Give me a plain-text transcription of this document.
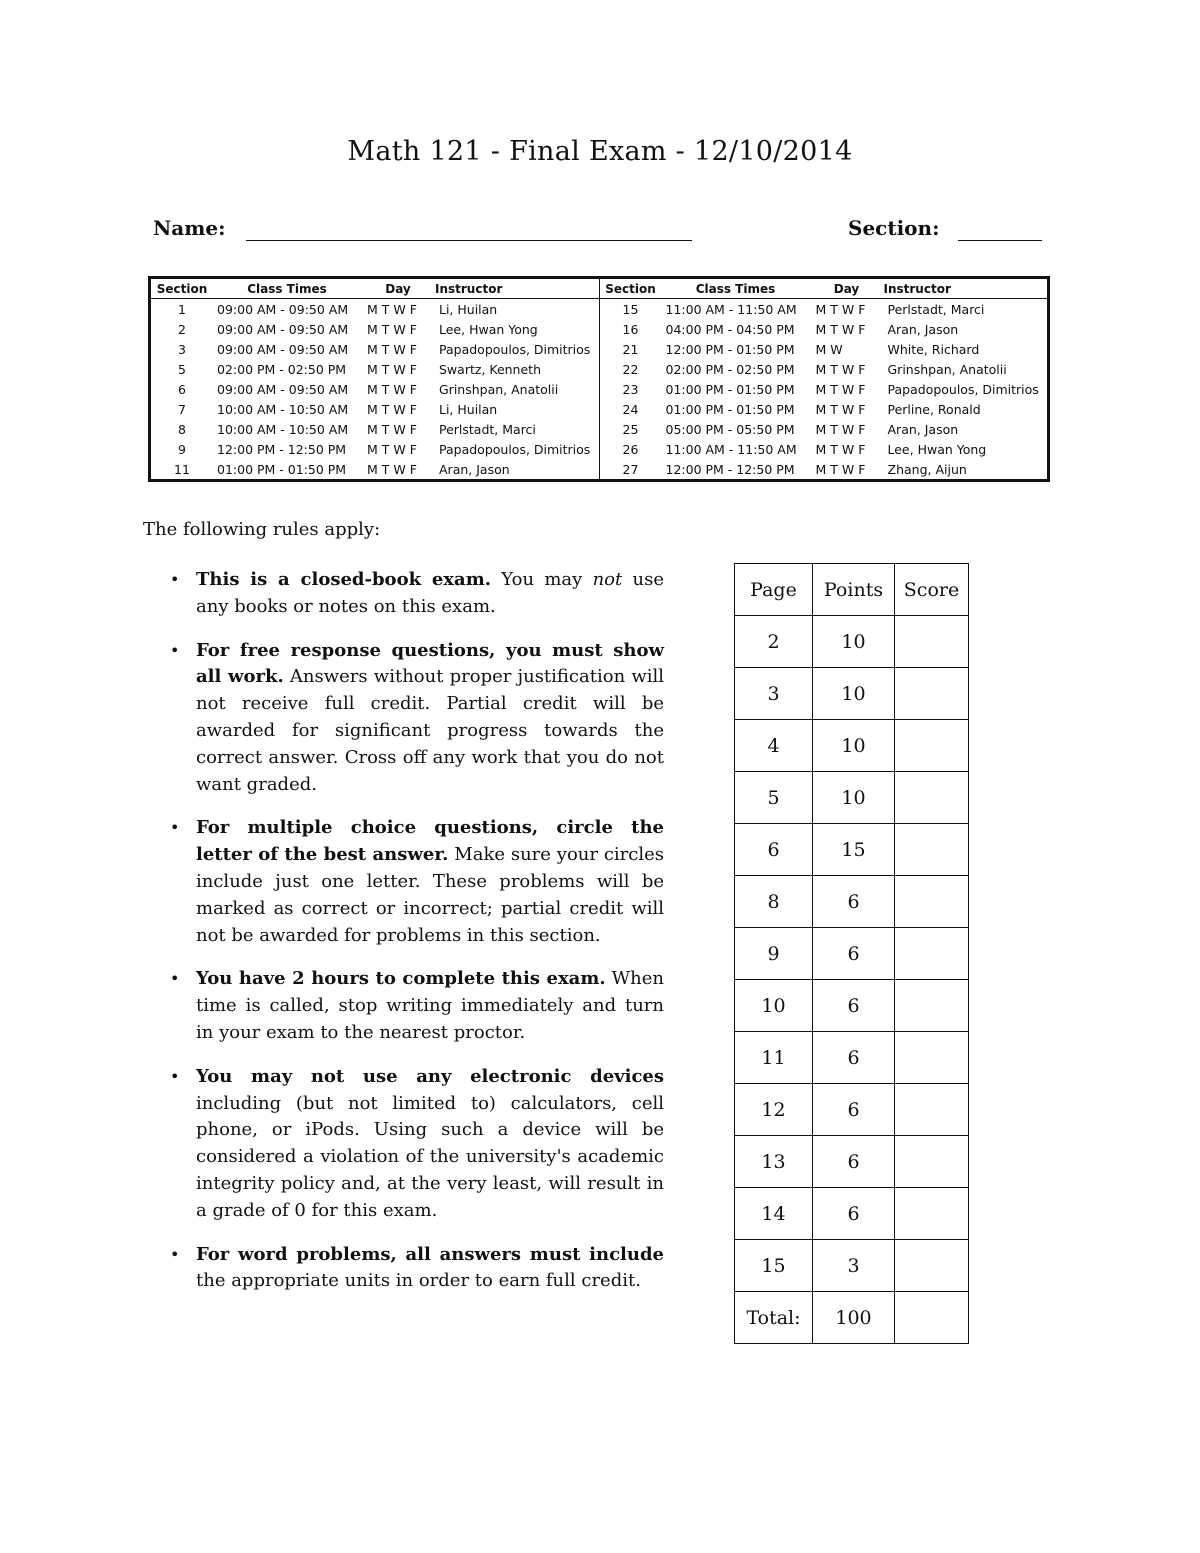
Math 121 - Final Exam - 12/10/2014
Name:	Section:
Section	Class Times	Day	Instructor
1	09:00 AM - 09:50 AM	M T W F	Li, Huilan
2	09:00 AM - 09:50 AM	M T W F	Lee, Hwan Yong
3	09:00 AM - 09:50 AM	M T W F	Papadopoulos, Dimitrios
5	02:00 PM - 02:50 PM	M T W F	Swartz, Kenneth
6	09:00 AM - 09:50 AM	M T W F	Grinshpan, Anatolii
7	10:00 AM - 10:50 AM	M T W F	Li, Huilan
8	10:00 AM - 10:50 AM	M T W F	Perlstadt, Marci
9	12:00 PM - 12:50 PM	M T W F	Papadopoulos, Dimitrios
11	01:00 PM - 01:50 PM	M T W F	Aran, Jason
Section	Class Times	Day	Instructor
15	11:00 AM - 11:50 AM	M T W F	Perlstadt, Marci
16	04:00 PM - 04:50 PM	M T W F	Aran, Jason
21	12:00 PM - 01:50 PM	M W	White, Richard
22	02:00 PM - 02:50 PM	M T W F	Grinshpan, Anatolii
23	01:00 PM - 01:50 PM	M T W F	Papadopoulos, Dimitrios
24	01:00 PM - 01:50 PM	M T W F	Perline, Ronald
25	05:00 PM - 05:50 PM	M T W F	Aran, Jason
26	11:00 AM - 11:50 AM	M T W F	Lee, Hwan Yong
27	12:00 PM - 12:50 PM	M T W F	Zhang, Aijun
The following rules apply:
• This is a closed-book exam. You may not use any books or notes on this exam.
• For free response questions, you must show all work. Answers without proper justification will not receive full credit. Partial credit will be awarded for significant progress towards the correct answer. Cross off any work that you do not want graded.
• For multiple choice questions, circle the letter of the best answer. Make sure your circles include just one letter. These problems will be marked as correct or incorrect; partial credit will not be awarded for problems in this section.
• You have 2 hours to complete this exam. When time is called, stop writing immediately and turn in your exam to the nearest proctor.
• You may not use any electronic devices including (but not limited to) calculators, cell phone, or iPods. Using such a device will be considered a violation of the university's academic integrity policy and, at the very least, will result in a grade of 0 for this exam.
• For word problems, all answers must include the appropriate units in order to earn full credit.
Page	Points	Score
2	10	
3	10	
4	10	
5	10	
6	15	
8	6	
9	6	
10	6	
11	6	
12	6	
13	6	
14	6	
15	3	
Total:	100	
